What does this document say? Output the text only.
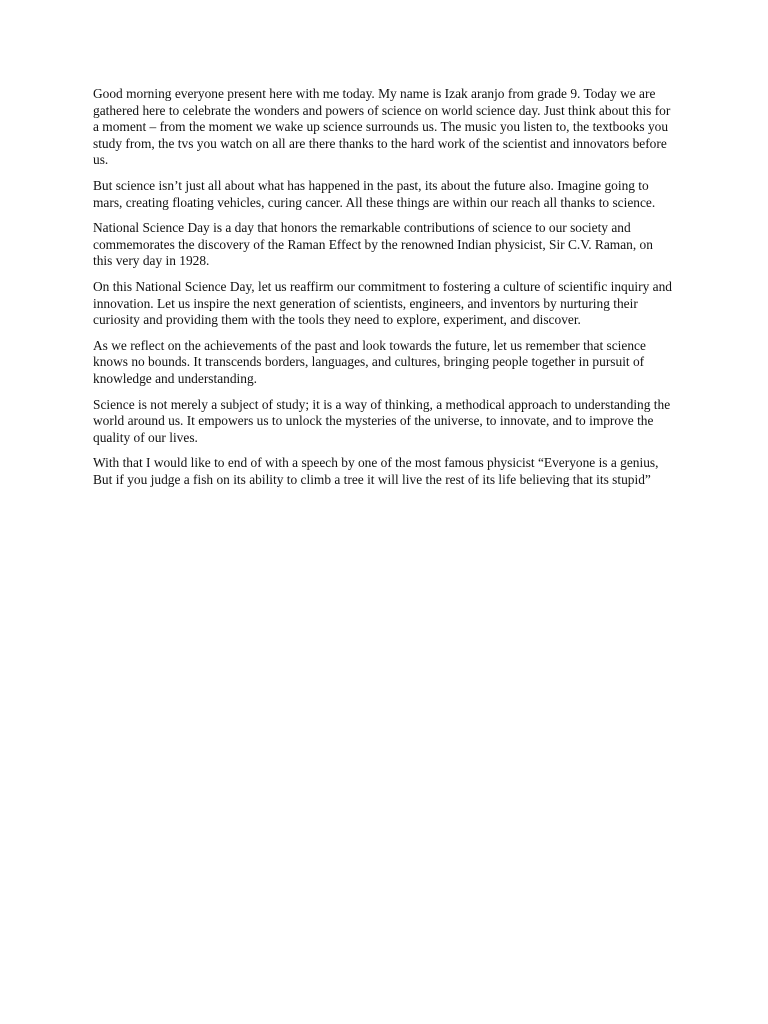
Good morning everyone present here with me today. My name is Izak aranjo from grade 9. Today we are gathered here to celebrate the wonders and powers of science on world science day. Just think about this for a moment – from the moment we wake up science surrounds us. The music you listen to, the textbooks you study from, the tvs you watch on all are there thanks to the hard work of the scientist and innovators before us.

But science isn’t just all about what has happened in the past, its about the future also. Imagine going to mars, creating floating vehicles, curing cancer. All these things are within our reach all thanks to science.

National Science Day is a day that honors the remarkable contributions of science to our society and commemorates the discovery of the Raman Effect by the renowned Indian physicist, Sir C.V. Raman, on this very day in 1928.

On this National Science Day, let us reaffirm our commitment to fostering a culture of scientific inquiry and innovation. Let us inspire the next generation of scientists, engineers, and inventors by nurturing their curiosity and providing them with the tools they need to explore, experiment, and discover.

As we reflect on the achievements of the past and look towards the future, let us remember that science knows no bounds. It transcends borders, languages, and cultures, bringing people together in pursuit of knowledge and understanding.

Science is not merely a subject of study; it is a way of thinking, a methodical approach to understanding the world around us. It empowers us to unlock the mysteries of the universe, to innovate, and to improve the quality of our lives.

With that I would like to end of with a speech by one of the most famous physicist “Everyone is a genius, But if you judge a fish on its ability to climb a tree it will live the rest of its life believing that its stupid”
